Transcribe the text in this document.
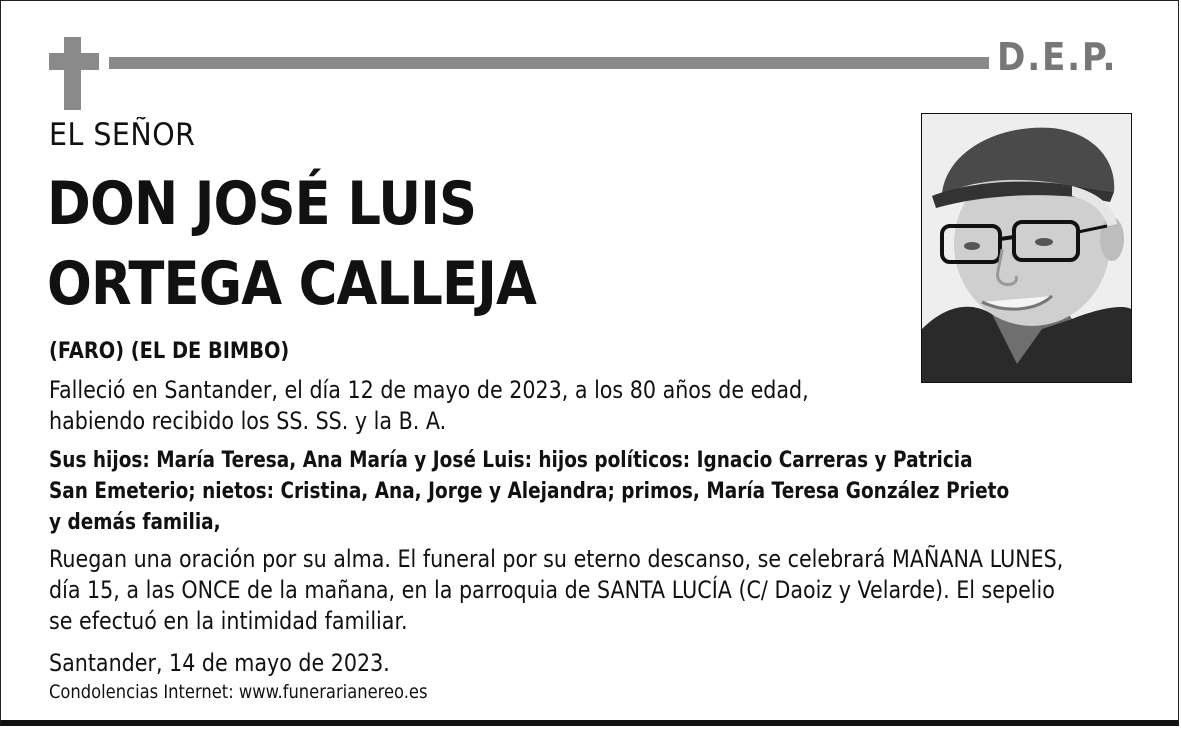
D.E.P.
EL SEÑOR
DON JOSÉ LUIS
ORTEGA CALLEJA
(FARO) (EL DE BIMBO)
Falleció en Santander, el día 12 de mayo de 2023, a los 80 años de edad,
habiendo recibido los SS. SS. y la B. A.
Sus hijos: María Teresa, Ana María y José Luis: hijos políticos: Ignacio Carreras y Patricia
San Emeterio; nietos: Cristina, Ana, Jorge y Alejandra; primos, María Teresa González Prieto
y demás familia,
Ruegan una oración por su alma. El funeral por su eterno descanso, se celebrará MAÑANA LUNES,
día 15, a las ONCE de la mañana, en la parroquia de SANTA LUCÍA (C/ Daoiz y Velarde). El sepelio
se efectuó en la intimidad familiar.
Santander, 14 de mayo de 2023.
Condolencias Internet: www.funerarianereo.es
